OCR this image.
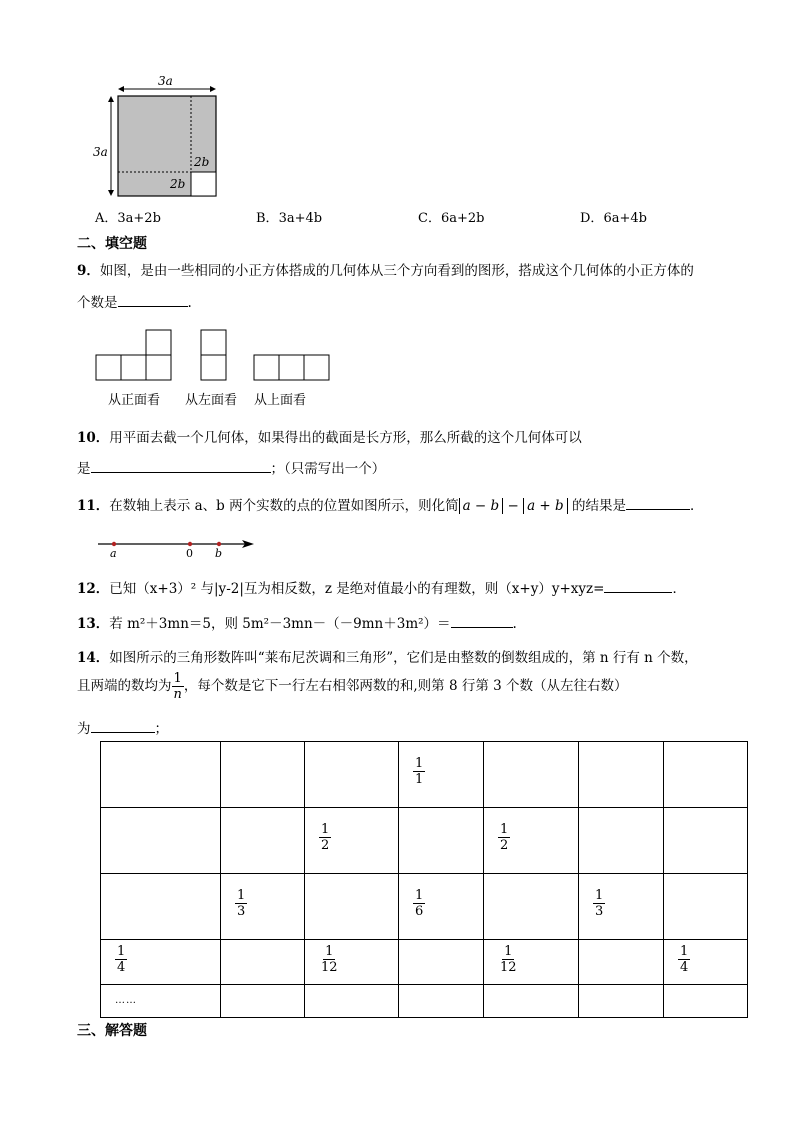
3a
3a
2b
2b
A．3a+2b	B．3a+4b	C．6a+2b	D．6a+4b
二、填空题
9．如图，是由一些相同的小正方体搭成的几何体从三个方向看到的图形，搭成这个几何体的小正方体的
个数是	.
从正面看 从左面看 从上面看
10．用平面去截一个几何体，如果得出的截面是长方形，那么所截的这个几何体可以
是	；（只需写出一个）
11．在数轴上表示 a、b 两个实数的点的位置如图所示，则化简 a − b − a + b 的结果是	．
a	0 b
12．已知（x+3）² 与|y-2|互为相反数，z 是绝对值最小的有理数，则（x+y）y+xyz=	．
13．若 m²＋3mn＝5，则 5m²－3mn－（－9mn＋3m²）＝	.
14．如图所示的三角形数阵叫“莱布尼茨调和三角形”，它们是由整数的倒数组成的，第 n 行有 n 个数，
且两端的数均为 $\frac{1}{n}$ ，每个数是它下一行左右相邻两数的和,则第 8 行第 3 个数（从左往右数）
为	；

			$\frac{1}{1}$

		$\frac{1}{2}$		$\frac{1}{2}$

	$\frac{1}{3}$		$\frac{1}{6}$		$\frac{1}{3}$

$\frac{1}{4}$		$\frac{1}{12}$		$\frac{1}{12}$		$\frac{1}{4}$

……						
三、解答题
